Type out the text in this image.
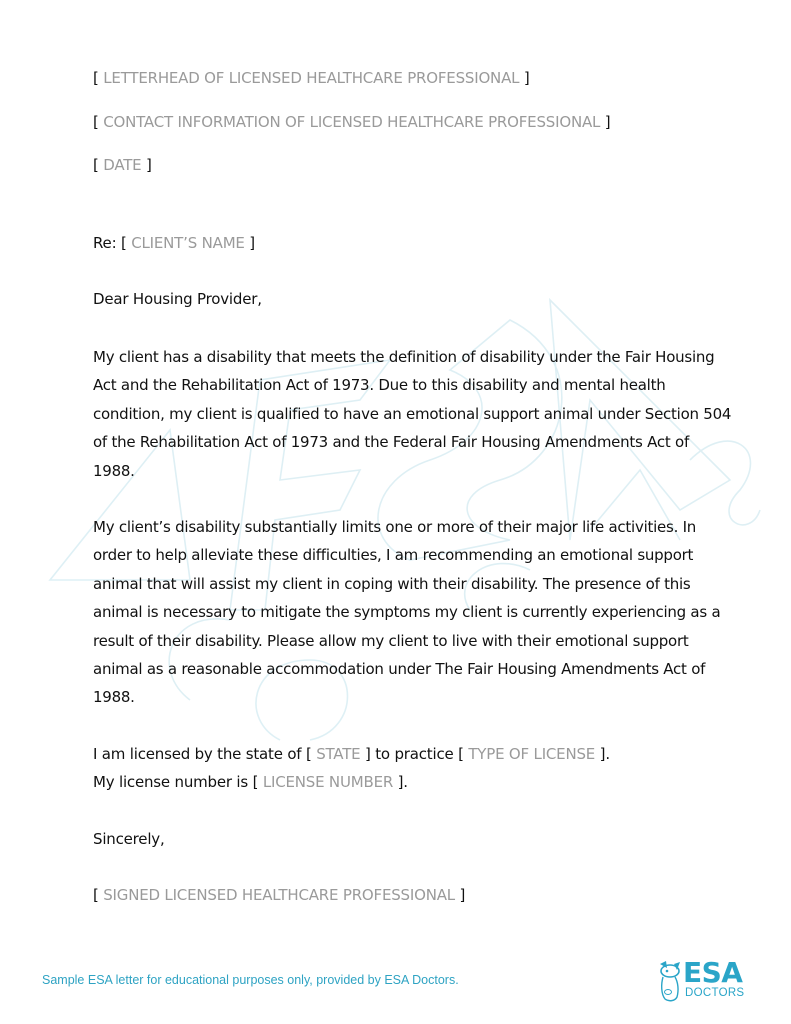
[ LETTERHEAD OF LICENSED HEALTHCARE PROFESSIONAL ]
[ CONTACT INFORMATION OF LICENSED HEALTHCARE PROFESSIONAL ]
[ DATE ]
Re: [ CLIENT’S NAME ]
Dear Housing Provider,
My client has a disability that meets the definition of disability under the Fair Housing Act and the Rehabilitation Act of 1973. Due to this disability and mental health condition, my client is qualified to have an emotional support animal under Section 504 of the Rehabilitation Act of 1973 and the Federal Fair Housing Amendments Act of 1988.
My client’s disability substantially limits one or more of their major life activities. In order to help alleviate these difficulties, I am recommending an emotional support animal that will assist my client in coping with their disability. The presence of this animal is necessary to mitigate the symptoms my client is currently experiencing as a result of their disability. Please allow my client to live with their emotional support animal as a reasonable accommodation under The Fair Housing Amendments Act of 1988.
I am licensed by the state of [ STATE ] to practice [ TYPE OF LICENSE ].
My license number is [ LICENSE NUMBER ].
Sincerely,
[ SIGNED LICENSED HEALTHCARE PROFESSIONAL ]
Sample ESA letter for educational purposes only, provided by ESA Doctors.	ESA
DOCTORS
